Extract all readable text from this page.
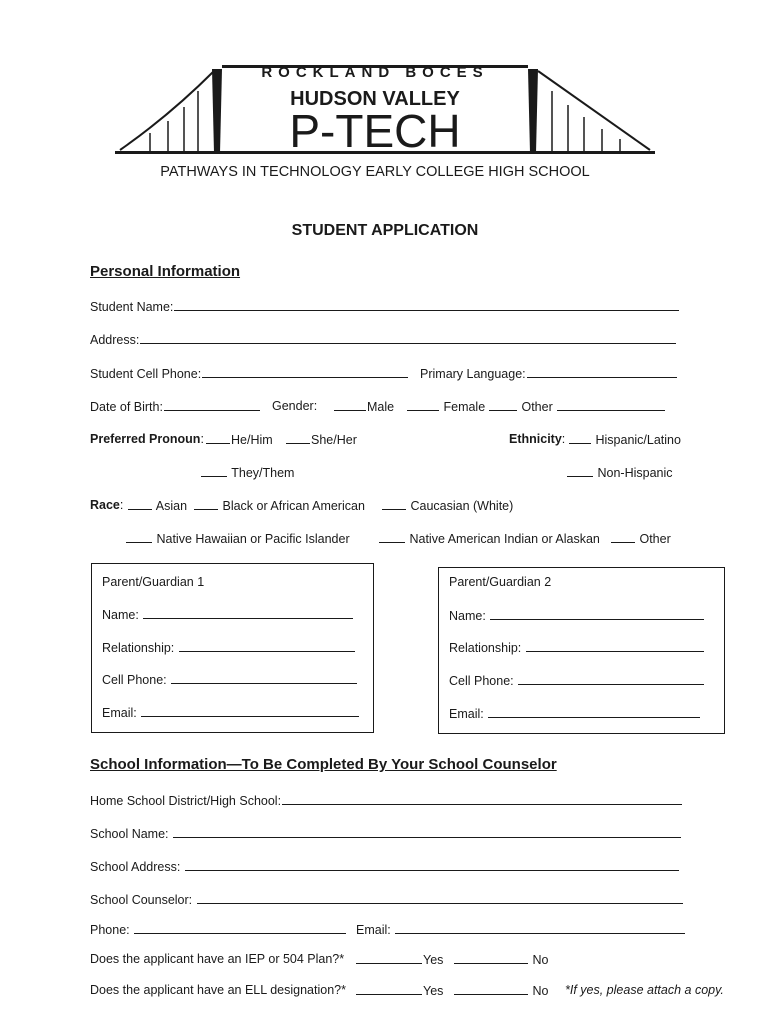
ROCKLAND BOCES
HUDSON VALLEY
P-TECH
PATHWAYS IN TECHNOLOGY EARLY COLLEGE HIGH SCHOOL
STUDENT APPLICATION
Personal Information
Student Name:
Address:
Student Cell Phone:	Primary Language:
Date of Birth:	Gender:	Male	Female	Other
Preferred Pronoun:	He/Him	She/Her
They/Them
Ethnicity:	Hispanic/Latino
Non-Hispanic
Race:	Asian	Black or African American	Caucasian (White)
Native Hawaiian or Pacific Islander	Native American Indian or Alaskan	Other
Parent/Guardian 1
Name:
Relationship:
Cell Phone:
Email:
Parent/Guardian 2
Name:
Relationship:
Cell Phone:
Email:
School Information—To Be Completed By Your School Counselor
Home School District/High School:
School Name:
School Address:
School Counselor:
Phone:	Email:
Does the applicant have an IEP or 504 Plan?*	Yes	No
Does the applicant have an ELL designation?*	Yes	No *If yes, please attach a copy.
